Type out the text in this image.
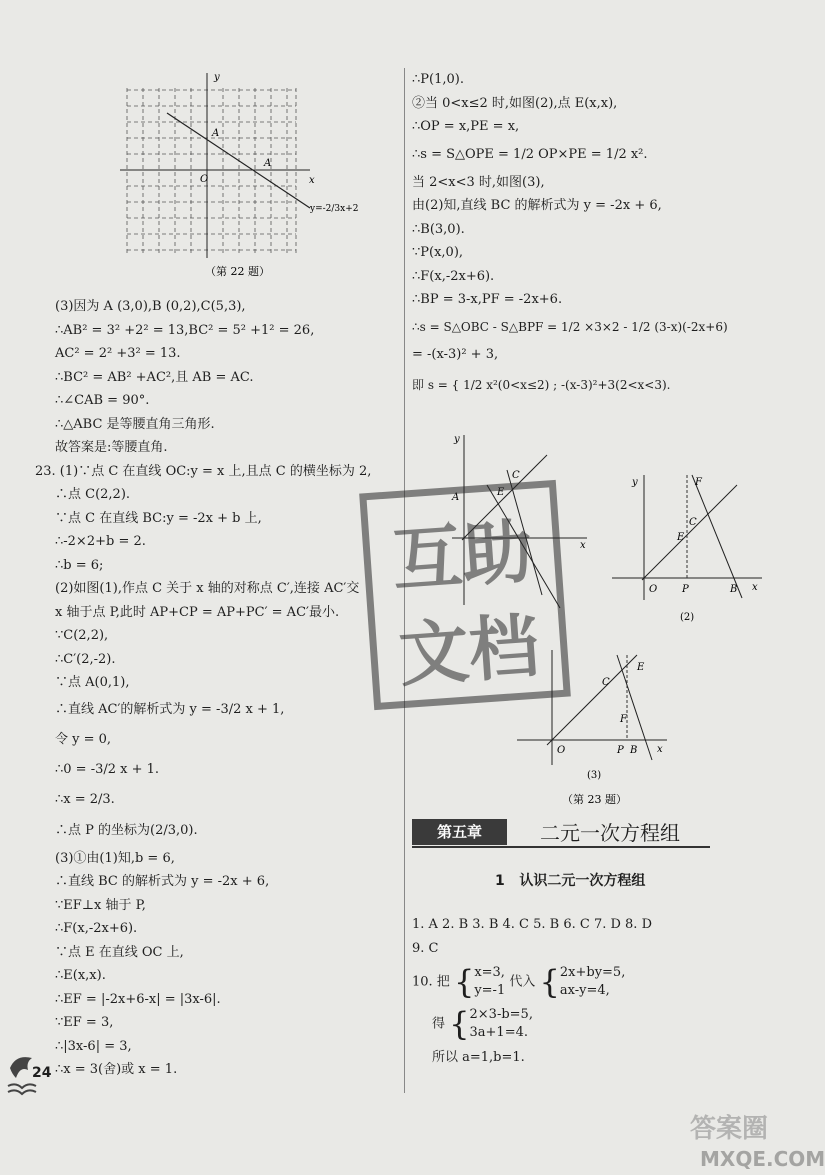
y
x
O
A
A
y=-2/3x+2
（第 22 题）
(3)因为 A (3,0),B (0,2),C(5,3),
∴AB² = 3² +2² = 13,BC² = 5² +1² = 26,
AC² = 2² +3² = 13.
∴BC² = AB² +AC²,且 AB = AC.
∴∠CAB = 90°.
∴△ABC 是等腰直角三角形.
故答案是:等腰直角.
23. (1)∵点 C 在直线 OC:y = x 上,且点 C 的横坐标为 2,
∴点 C(2,2).
∵点 C 在直线 BC:y = -2x + b 上,
∴-2×2+b = 2.
∴b = 6;
(2)如图(1),作点 C 关于 x 轴的对称点 C′,连接 AC′交
x 轴于点 P,此时 AP+CP = AP+PC′ = AC′最小.
∵C(2,2),
∴C′(2,-2).
∵点 A(0,1),
∴直线 AC′的解析式为 y = -3/2 x + 1,
令 y = 0,
∴0 = -3/2 x + 1.
∴x = 2/3.
∴点 P 的坐标为(2/3,0).
(3)①由(1)知,b = 6,
∴直线 BC 的解析式为 y = -2x + 6,
∵EF⊥x 轴于 P,
∴F(x,-2x+6).
∵点 E 在直线 OC 上,
∴E(x,x).
∴EF = |-2x+6-x| = |3x-6|.
∵EF = 3,
∴|3x-6| = 3,
∴x = 3(舍)或 x = 1.
∴P(1,0).
②当 0<x≤2 时,如图(2),点 E(x,x),
∴OP = x,PE = x,
∴s = S△OPE = 1/2 OP×PE = 1/2 x².
当 2<x<3 时,如图(3),
由(2)知,直线 BC 的解析式为 y = -2x + 6,
∴B(3,0).
∵P(x,0),
∴F(x,-2x+6).
∴BP = 3-x,PF = -2x+6.
∴s = S△OBC - S△BPF = 1/2 ×3×2 - 1/2 (3-x)(-2x+6)
= -(x-3)² + 3,
即 s = { 1/2 x²(0<x≤2) ; -(x-3)²+3(2<x<3).
y
x
A
C
E
y
x
F
C
E
O P	B
(2)
O
C
E
F
P B x
(3)
（第 23 题）
互助
文档
第五章	二元一次方程组
1 认识二元一次方程组
1. A 2. B 3. B 4. C 5. B 6. C 7. D 8. D
9. C
10. 把 {x=3,
y=-1 代入 {2x+by=5,
ax-y=4,
得 {2×3-b=5,
3a+1=4.
所以 a=1,b=1.
24
答案圈
MXQE.COM
